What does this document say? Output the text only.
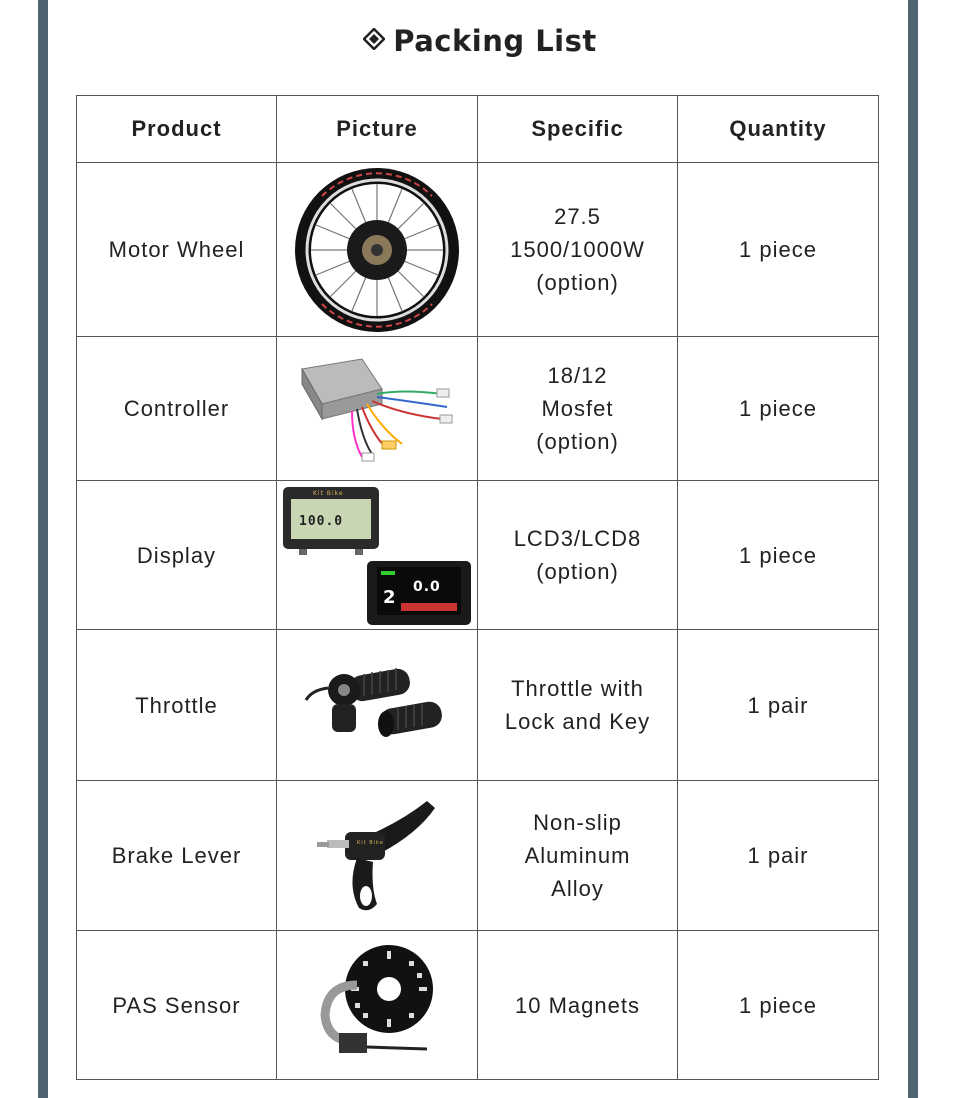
Packing List
Product	Picture	Specific	Quantity

Motor Wheel		27.5
1500/1000W
(option)	1 piece

Controller		18/12
Mosfet
(option)	1 piece

Display	Kit Bike
100.0
2 0.0	LCD3/LCD8
(option)	1 piece

Throttle		Throttle with
Lock and Key	1 pair

Brake Lever	Kit Bike	Non-slip
Aluminum
Alloy	1 pair

PAS Sensor		10 Magnets	1 piece
